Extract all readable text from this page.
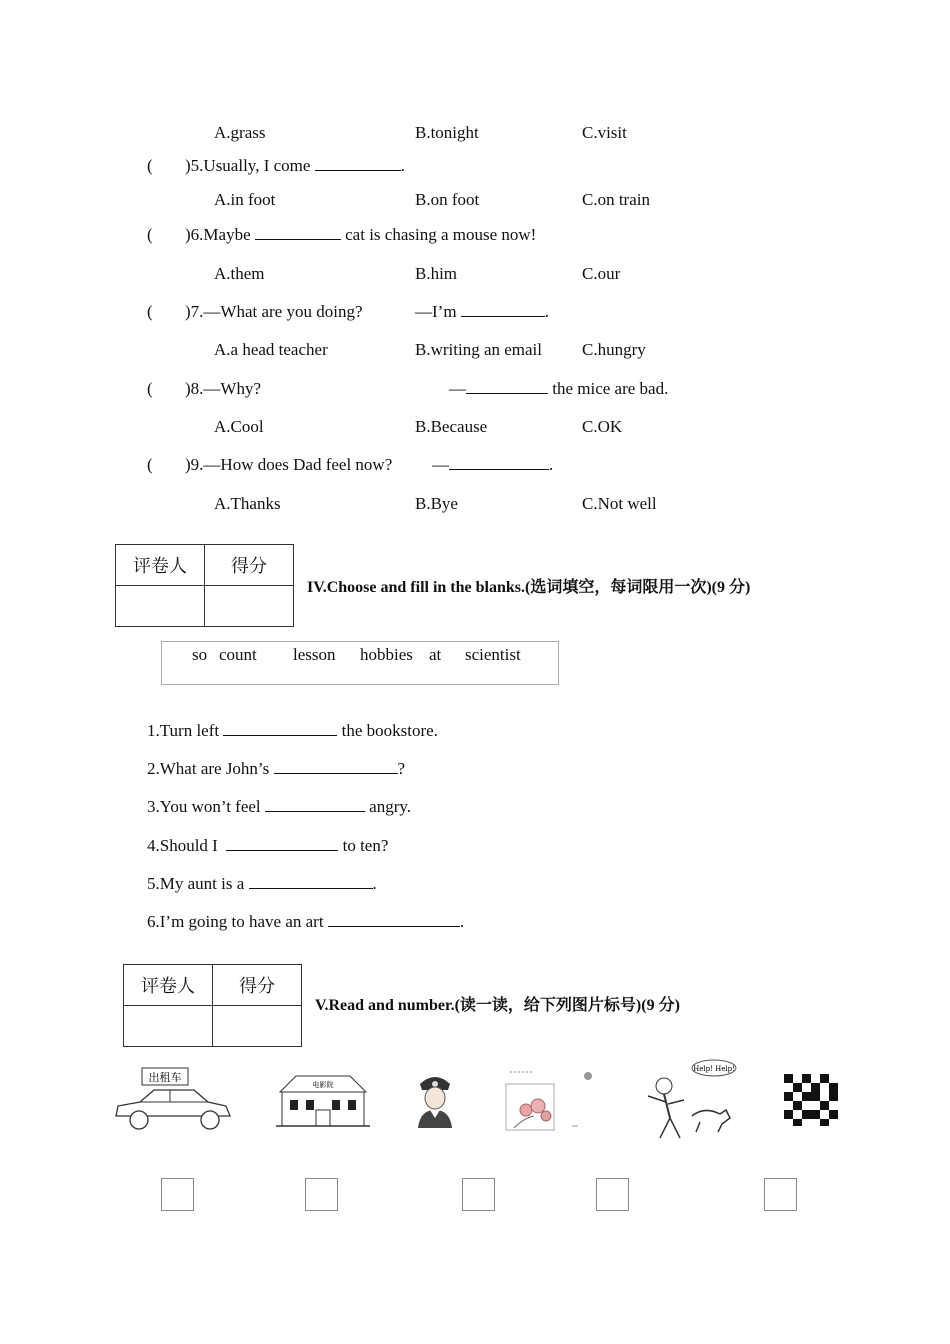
A.grass	B.tonight	C.visit
( )5.Usually, I come	.
A.in foot	B.on foot	C.on train
( )6.Maybe	cat is chasing a mouse now!
A.them	B.him	C.our
( )7.—What are you doing?	—I’m	.
A.a head teacher	B.writing an email C.hungry
( )8.—Why?	—	the mice are bad.
A.Cool	B.Because	C.OK
( )9.—How does Dad feel now? —	.
A.Thanks	B.Bye	C.Not well
评卷人	得分

IV.Choose and fill in the blanks.(选词填空，每词限用一次)(9 分)
so count lesson hobbies at scientist
1.Turn left	the bookstore.
2.What are John’s	?
3.You won’t feel	angry.
4.Should I	to ten?
5.My aunt is a	.
6.I’m going to have an art	.
评卷人	得分

V.Read and number.(读一读，给下列图片标号)(9 分)
出租车
电影院
Help! Help!
